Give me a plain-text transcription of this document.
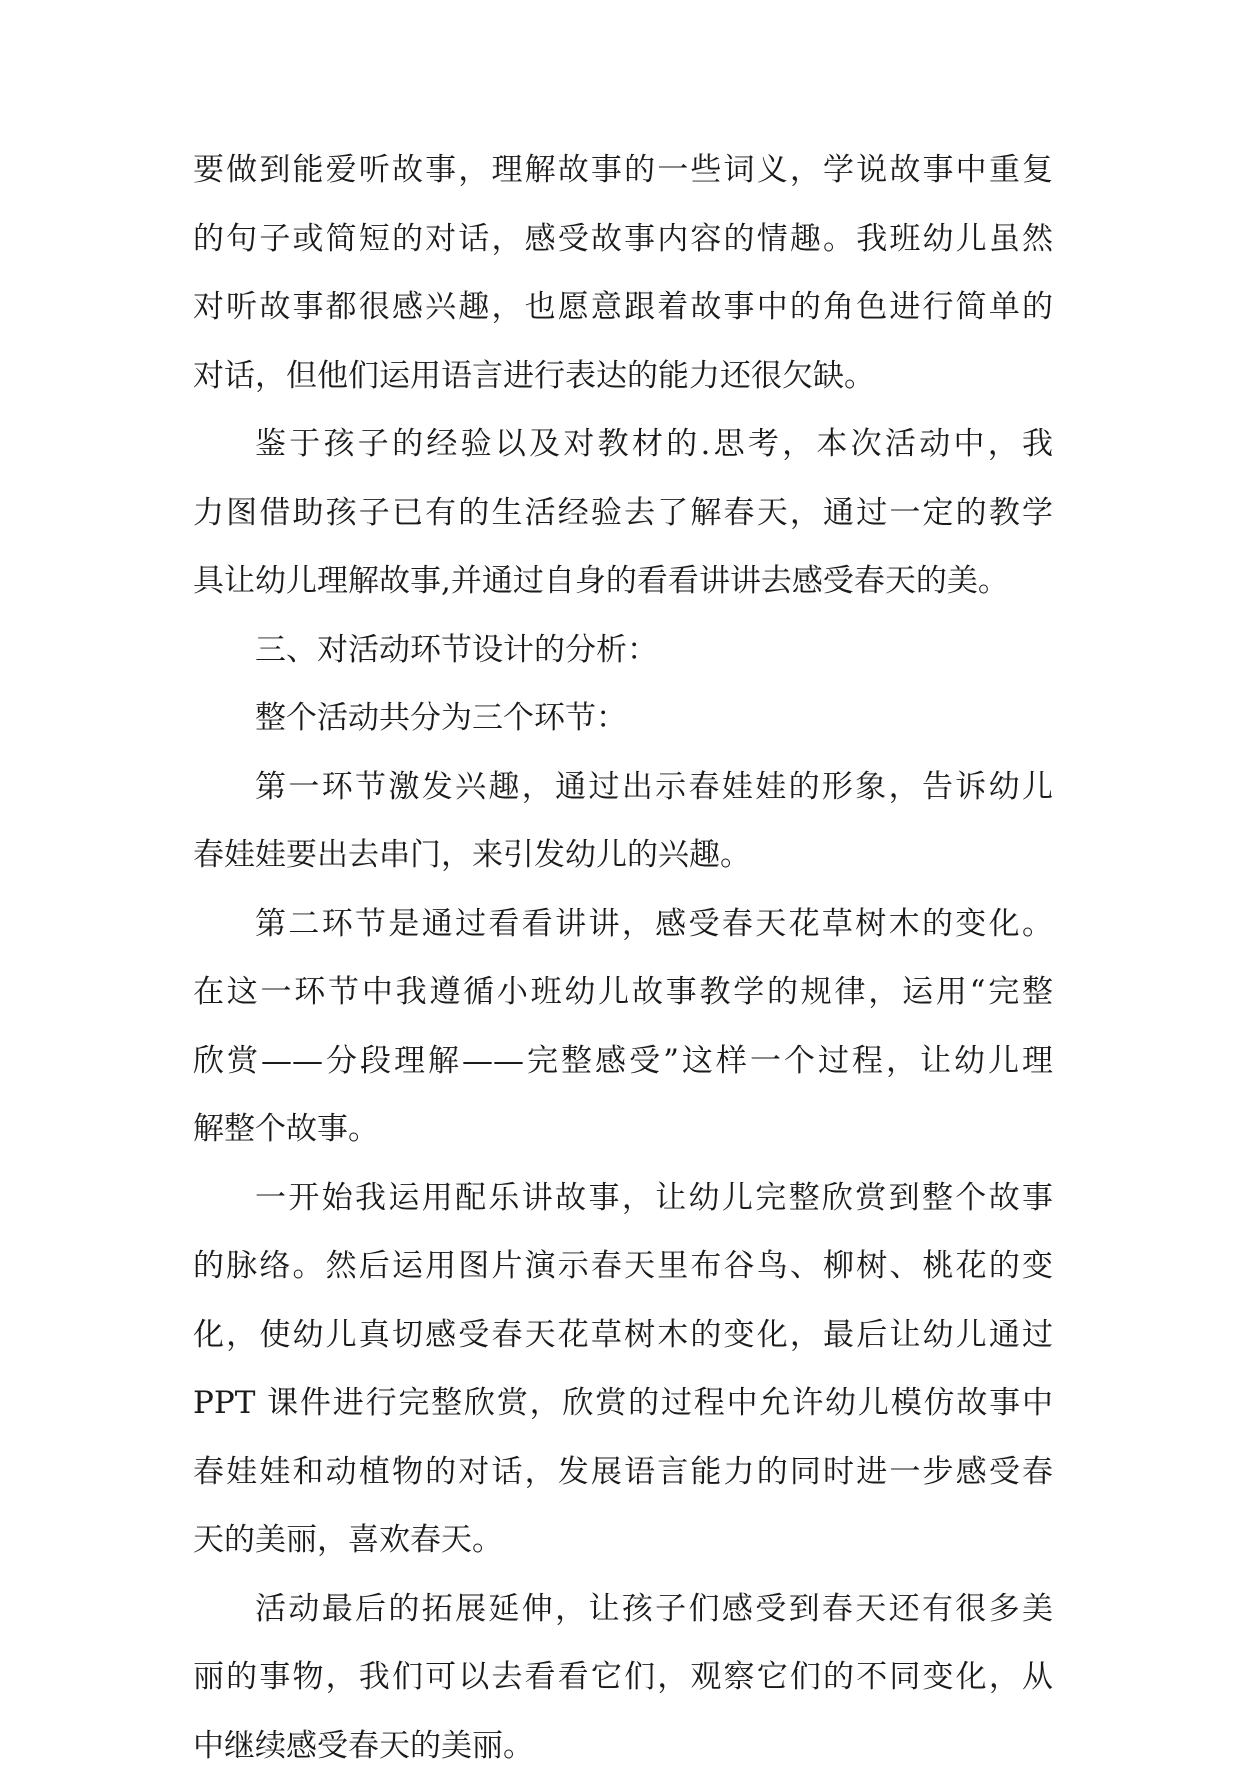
要做到能爱听故事，理解故事的一些词义，学说故事中重复
的句子或简短的对话，感受故事内容的情趣。我班幼儿虽然
对听故事都很感兴趣，也愿意跟着故事中的角色进行简单的
对话，但他们运用语言进行表达的能力还很欠缺。
鉴于孩子的经验以及对教材的.思考，本次活动中，我
力图借助孩子已有的生活经验去了解春天，通过一定的教学
具让幼儿理解故事,并通过自身的看看讲讲去感受春天的美。
三、对活动环节设计的分析：
整个活动共分为三个环节：
第一环节激发兴趣，通过出示春娃娃的形象，告诉幼儿
春娃娃要出去串门，来引发幼儿的兴趣。
第二环节是通过看看讲讲，感受春天花草树木的变化。
在这一环节中我遵循小班幼儿故事教学的规律，运用“完整
欣赏——分段理解——完整感受”这样一个过程，让幼儿理
解整个故事。
一开始我运用配乐讲故事，让幼儿完整欣赏到整个故事
的脉络。然后运用图片演示春天里布谷鸟、柳树、桃花的变
化，使幼儿真切感受春天花草树木的变化，最后让幼儿通过
PPT 课件进行完整欣赏，欣赏的过程中允许幼儿模仿故事中
春娃娃和动植物的对话，发展语言能力的同时进一步感受春
天的美丽，喜欢春天。
活动最后的拓展延伸，让孩子们感受到春天还有很多美
丽的事物，我们可以去看看它们，观察它们的不同变化，从
中继续感受春天的美丽。
